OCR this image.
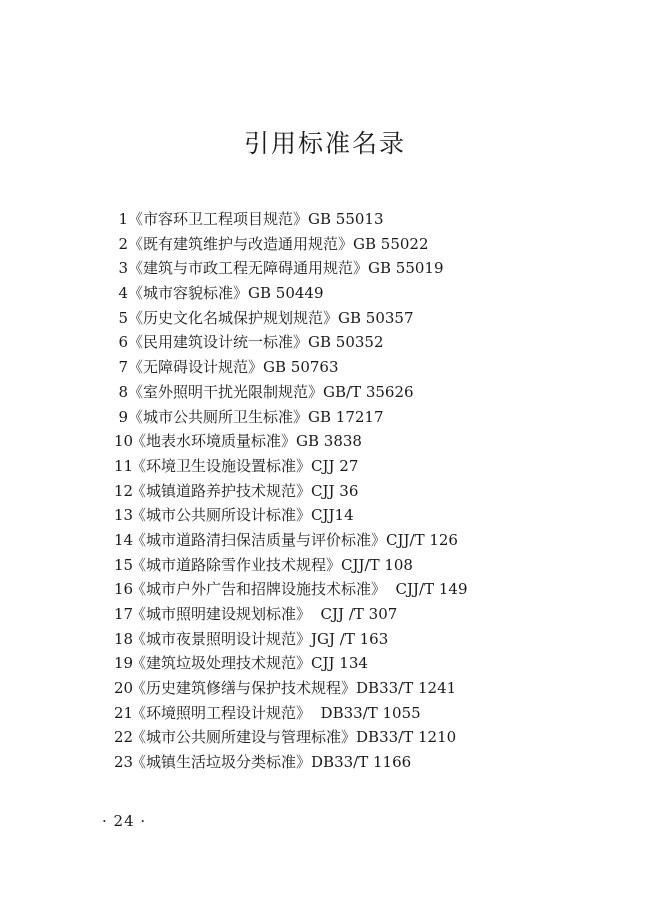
引用标准名录
1《市容环卫工程项目规范》GB 55013
2《既有建筑维护与改造通用规范》GB 55022
3《建筑与市政工程无障碍通用规范》GB 55019
4《城市容貌标准》GB 50449
5《历史文化名城保护规划规范》GB 50357
6《民用建筑设计统一标准》GB 50352
7《无障碍设计规范》GB 50763
8《室外照明干扰光限制规范》GB/T 35626
9《城市公共厕所卫生标准》GB 17217
10《地表水环境质量标准》GB 3838
11《环境卫生设施设置标准》CJJ 27
12《城镇道路养护技术规范》CJJ 36
13《城市公共厕所设计标准》CJJ14
14《城市道路清扫保洁质量与评价标准》CJJ/T 126
15《城市道路除雪作业技术规程》CJJ/T 108
16《城市户外广告和招牌设施技术标准》  CJJ/T 149
17《城市照明建设规划标准》  CJJ /T 307
18《城市夜景照明设计规范》JGJ /T 163
19《建筑垃圾处理技术规范》CJJ 134
20《历史建筑修缮与保护技术规程》DB33/T 1241
21《环境照明工程设计规范》  DB33/T 1055
22《城市公共厕所建设与管理标准》DB33/T 1210
23《城镇生活垃圾分类标准》DB33/T 1166
· 24 ·
